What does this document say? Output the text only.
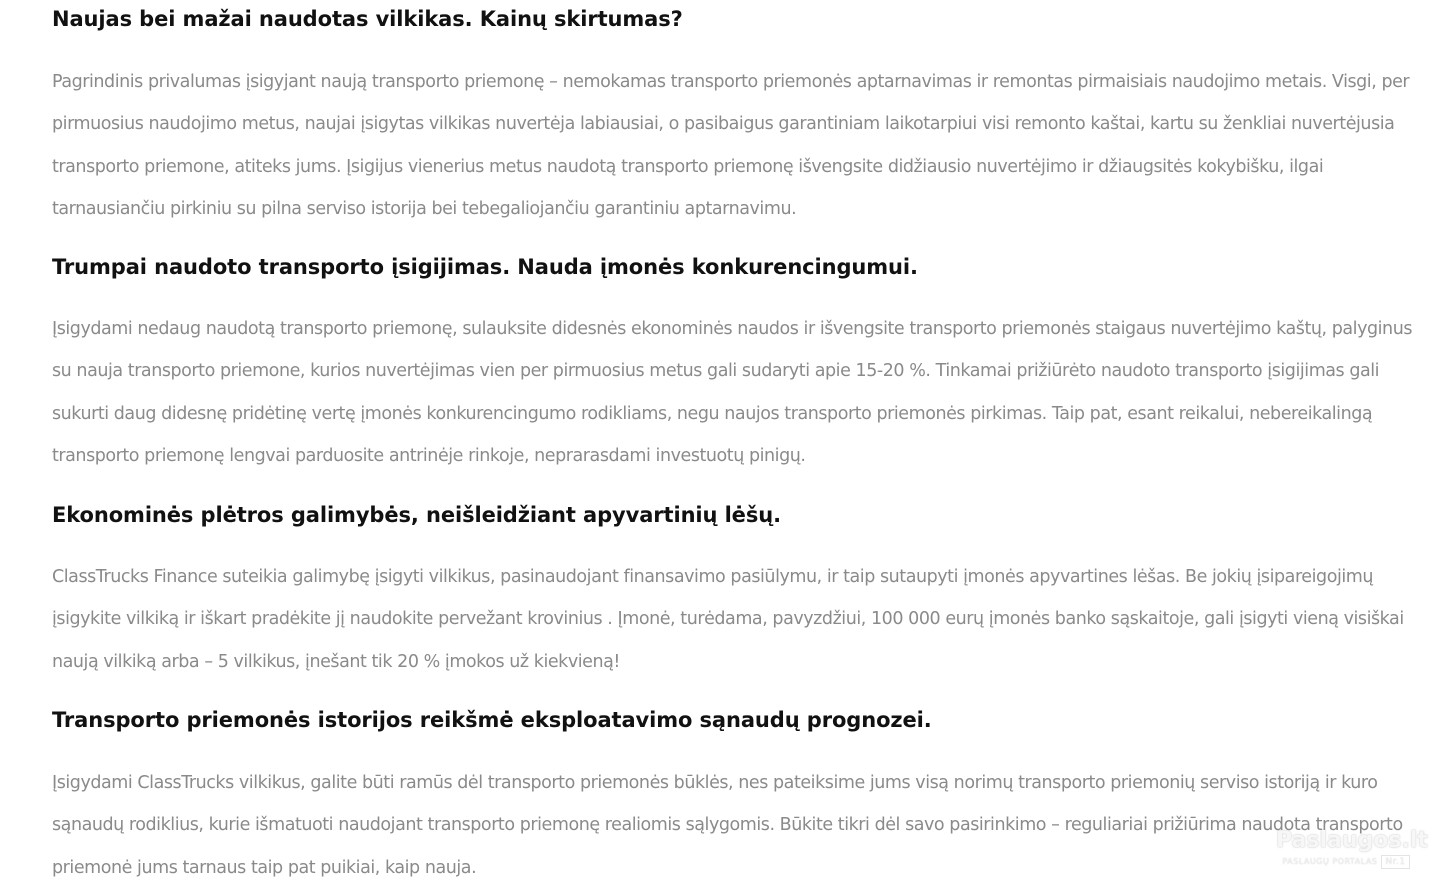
Naujas bei mažai naudotas vilkikas. Kainų skirtumas?

Pagrindinis privalumas įsigyjant naują transporto priemonę – nemokamas transporto priemonės aptarnavimas ir remontas pirmaisiais naudojimo metais. Visgi, per pirmuosius naudojimo metus, naujai įsigytas vilkikas nuvertėja labiausiai, o pasibaigus garantiniam laikotarpiui visi remonto kaštai, kartu su ženkliai nuvertėjusia transporto priemone, atiteks jums. Įsigijus vienerius metus naudotą transporto priemonę išvengsite didžiausio nuvertėjimo ir džiaugsitės kokybišku, ilgai tarnausiančiu pirkiniu su pilna serviso istorija bei tebegaliojančiu garantiniu aptarnavimu.

Trumpai naudoto transporto įsigijimas. Nauda įmonės konkurencingumui.

Įsigydami nedaug naudotą transporto priemonę, sulauksite didesnės ekonominės naudos ir išvengsite transporto priemonės staigaus nuvertėjimo kaštų, palyginus su nauja transporto priemone, kurios nuvertėjimas vien per pirmuosius metus gali sudaryti apie 15-20 %. Tinkamai prižiūrėto naudoto transporto įsigijimas gali sukurti daug didesnę pridėtinę vertę įmonės konkurencingumo rodikliams, negu naujos transporto priemonės pirkimas. Taip pat, esant reikalui, nebereikalingą transporto priemonę lengvai parduosite antrinėje rinkoje, neprarasdami investuotų pinigų.

Ekonominės plėtros galimybės, neišleidžiant apyvartinių lėšų.

ClassTrucks Finance suteikia galimybę įsigyti vilkikus, pasinaudojant finansavimo pasiūlymu, ir taip sutaupyti įmonės apyvartines lėšas. Be jokių įsipareigojimų įsigykite vilkiką ir iškart pradėkite jį naudokite pervežant krovinius . Įmonė, turėdama, pavyzdžiui, 100 000 eurų įmonės banko sąskaitoje, gali įsigyti vieną visiškai naują vilkiką arba – 5 vilkikus, įnešant tik 20 % įmokos už kiekvieną!

Transporto priemonės istorijos reikšmė eksploatavimo sąnaudų prognozei.

Įsigydami ClassTrucks vilkikus, galite būti ramūs dėl transporto priemonės būklės, nes pateiksime jums visą norimų transporto priemonių serviso istoriją ir kuro sąnaudų rodiklius, kurie išmatuoti naudojant transporto priemonę realiomis sąlygomis. Būkite tikri dėl savo pasirinkimo – reguliariai prižiūrima naudota transporto priemonė jums tarnaus taip pat puikiai, kaip nauja.

Paslaugos.lt
PASLAUGŲ PORTALAS Nr.1
